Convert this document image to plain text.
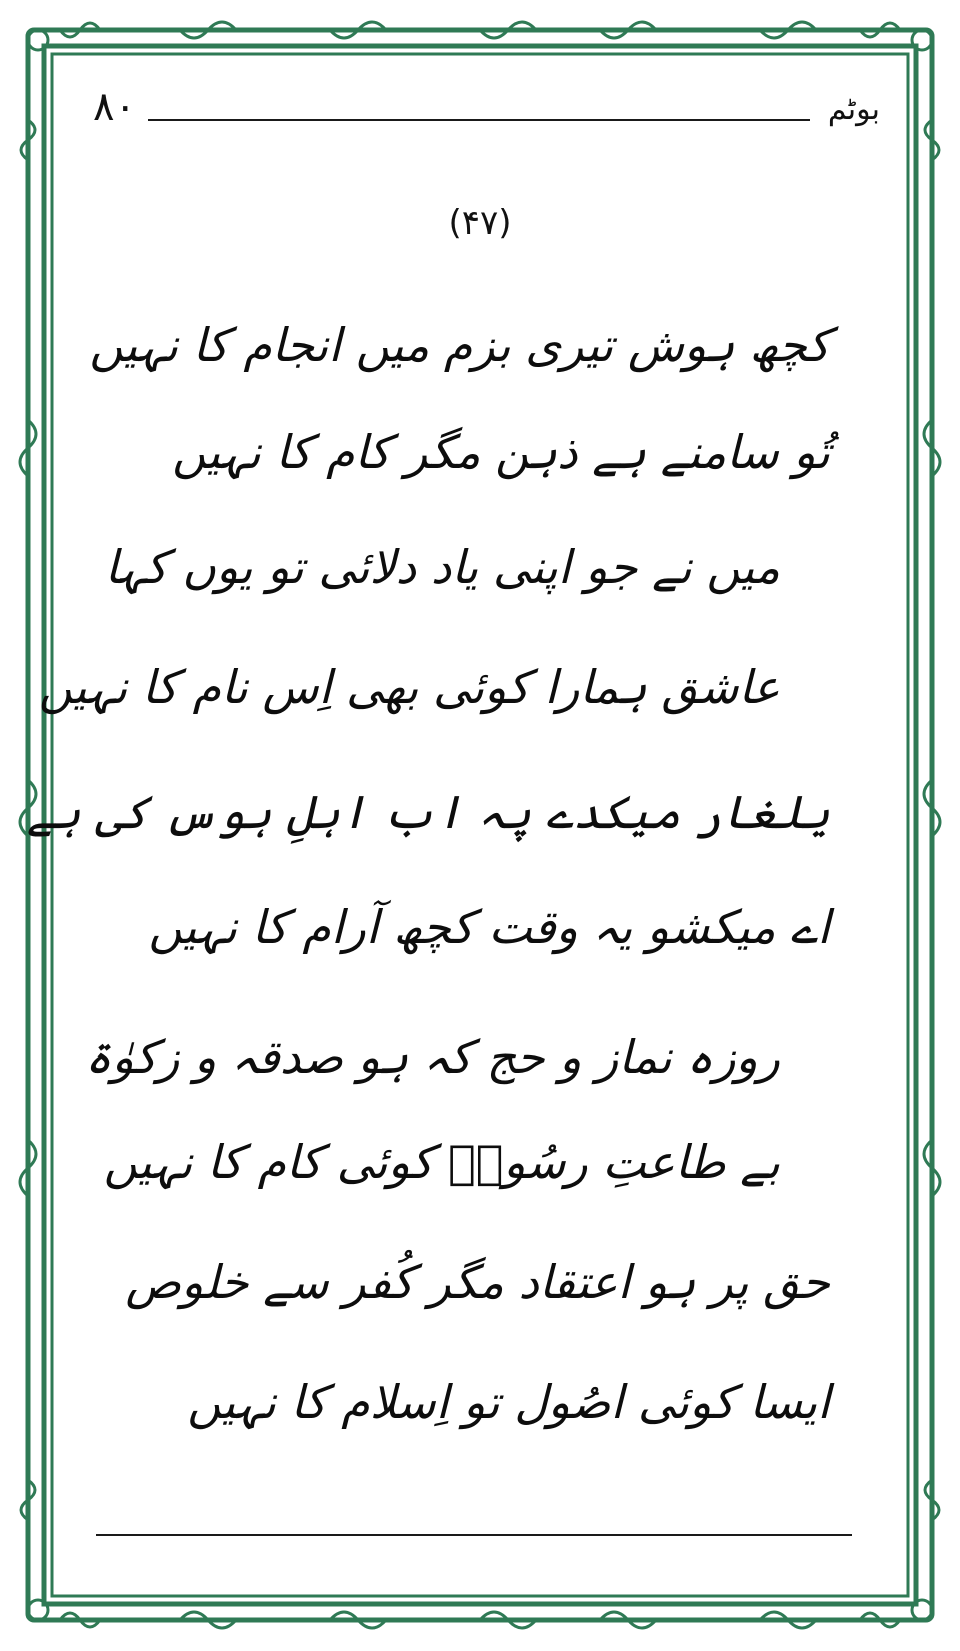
۸۰	بوٹم
(۴۷)
کچھ ہوش تیری بزم میں انجام کا نہیں
تُو سامنے ہے ذہن مگر کام کا نہیں
میں نے جو اپنی یاد دلائی تو یوں کہا
عاشق ہمارا کوئی بھی اِس نام کا نہیں
یلغار میکدے پہ اب اہلِ ہوس کی ہے
اے میکشو یہ وقت کچھ آرام کا نہیں
روزہ نماز و حج کہ ہو صدقہ و زکوٰۃ
بے طاعتِ رسُولؐ کوئی کام کا نہیں
حق پر ہو اعتقاد مگر کُفر سے خلوص
ایسا کوئی اصُول تو اِسلام کا نہیں
